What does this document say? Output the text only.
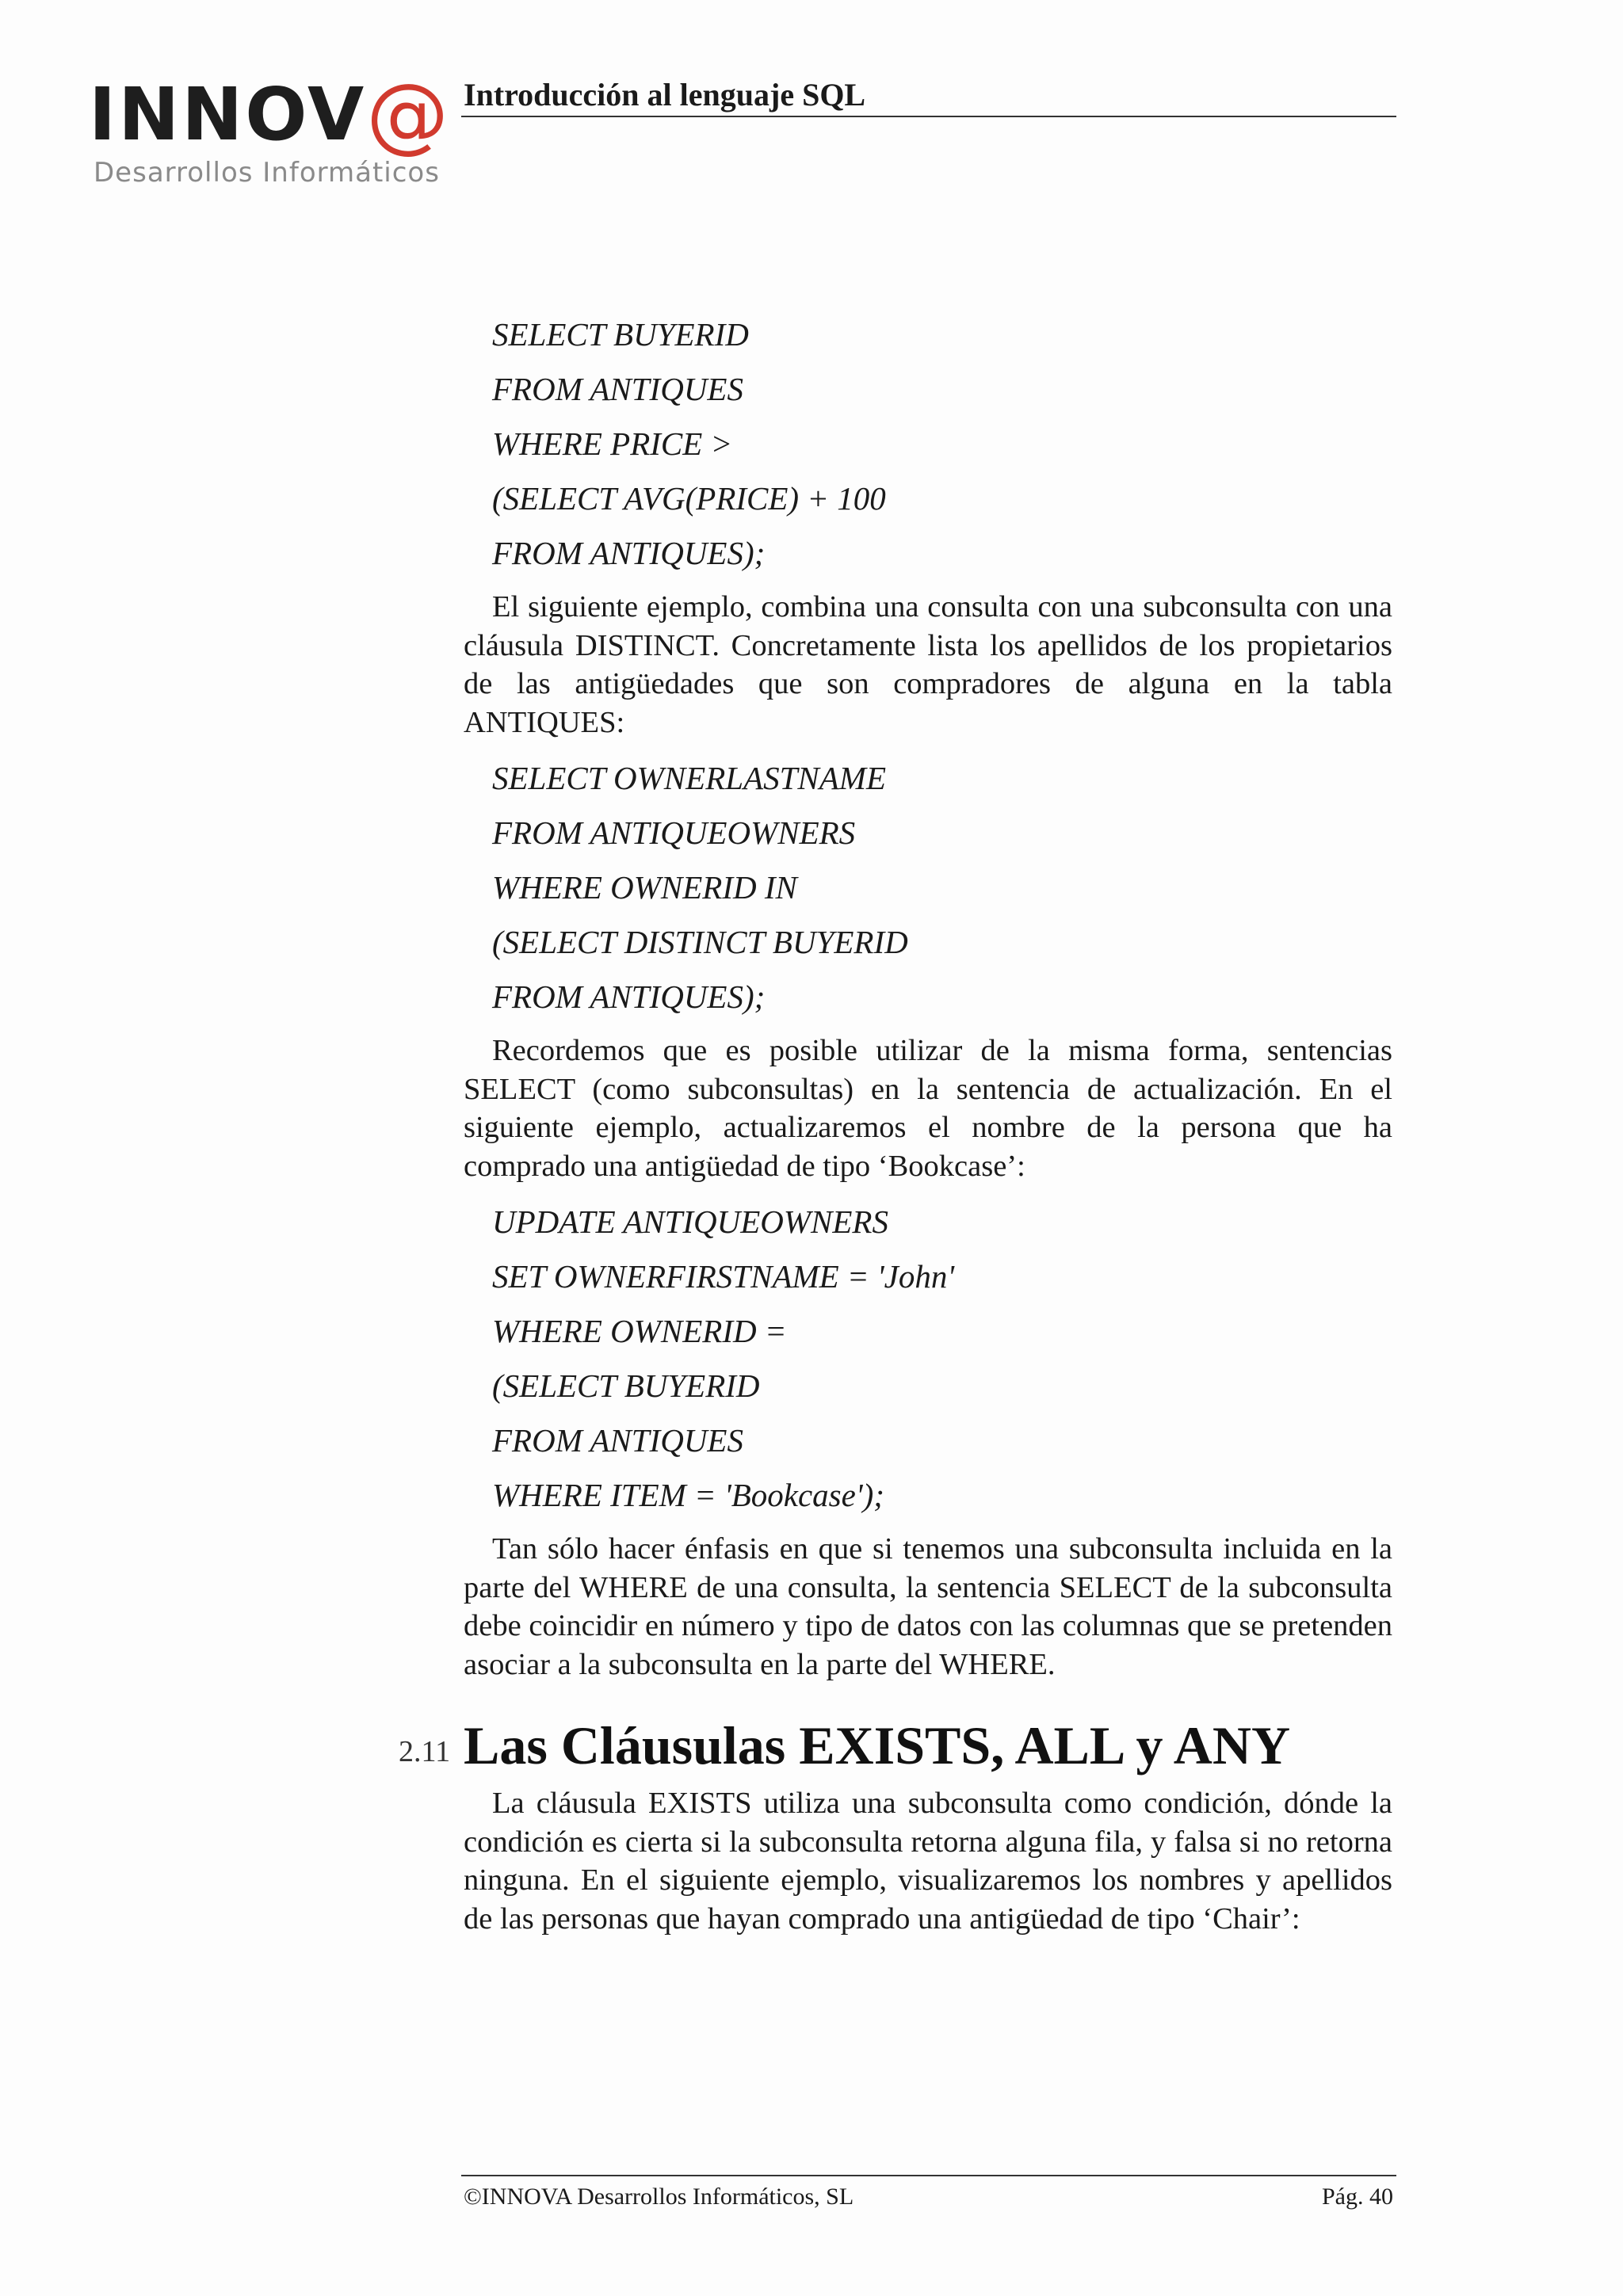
INNOV@
Desarrollos Informáticos
Introducción al lenguaje SQL
SELECT BUYERID
FROM ANTIQUES
WHERE PRICE >
(SELECT AVG(PRICE) + 100
FROM ANTIQUES);

El siguiente ejemplo, combina una consulta con una subconsulta con una cláusula DISTINCT. Concretamente lista los apellidos de los propietarios de las antigüedades que son compradores de alguna en la tabla ANTIQUES:

SELECT OWNERLASTNAME
FROM ANTIQUEOWNERS
WHERE OWNERID IN
(SELECT DISTINCT BUYERID
FROM ANTIQUES);

Recordemos que es posible utilizar de la misma forma, sentencias SELECT (como subconsultas) en la sentencia de actualización. En el siguiente ejemplo, actualizaremos el nombre de la persona que ha comprado una antigüedad de tipo ‘Bookcase’:

UPDATE ANTIQUEOWNERS
SET OWNERFIRSTNAME = 'John'
WHERE OWNERID =
(SELECT BUYERID
FROM ANTIQUES
WHERE ITEM = 'Bookcase');

Tan sólo hacer énfasis en que si tenemos una subconsulta incluida en la parte del WHERE de una consulta, la sentencia SELECT de la subconsulta debe coincidir en número y tipo de datos con las columnas que se pretenden asociar a la subconsulta en la parte del WHERE.

2.11 Las Cláusulas EXISTS, ALL y ANY

La cláusula EXISTS utiliza una subconsulta como condición, dónde la condición es cierta si la subconsulta retorna alguna fila, y falsa si no retorna ninguna. En el siguiente ejemplo, visualizaremos los nombres y apellidos de las personas que hayan comprado una antigüedad de tipo ‘Chair’:

©INNOVA Desarrollos Informáticos, SL	Pág. 40
